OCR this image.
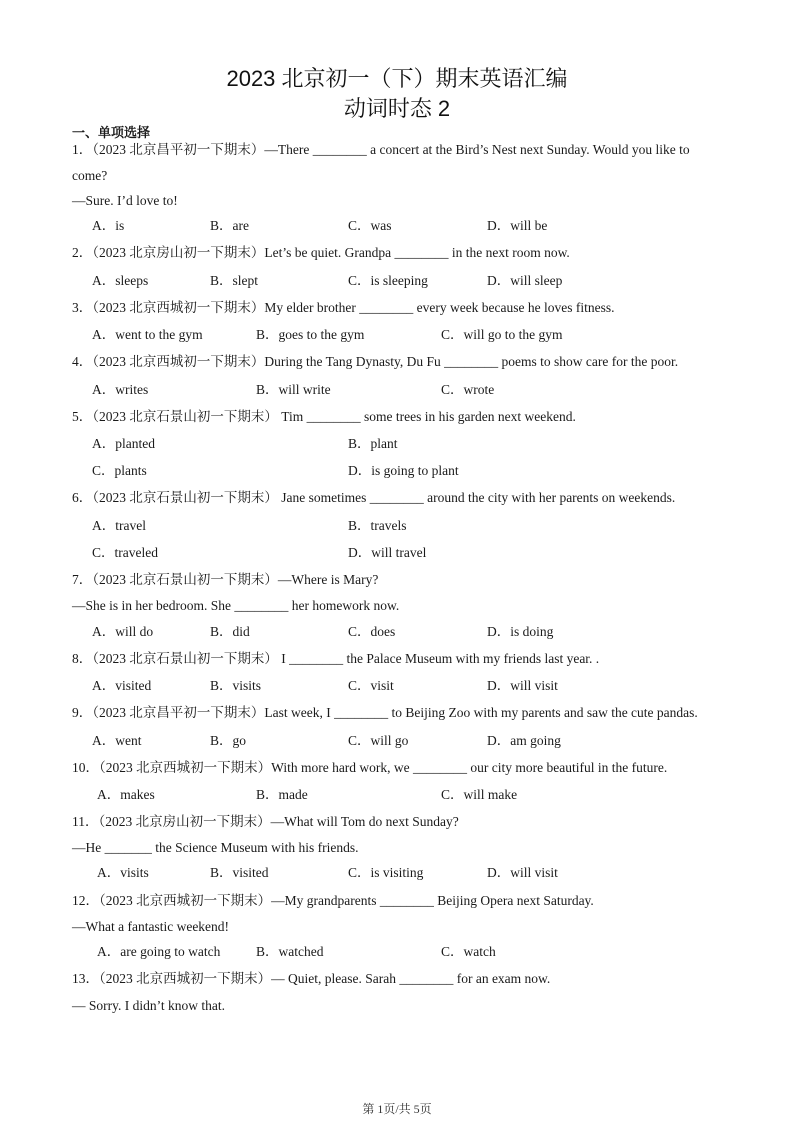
2023 北京初一（下）期末英语汇编
动词时态 2
一、单项选择
1．（2023 北京昌平初一下期末）—There ________ a concert at the Bird’s Nest next Sunday. Would you like to
come?
—Sure. I’d love to!
A．is	B．are	C．was	D．will be
2．（2023 北京房山初一下期末）Let’s be quiet. Grandpa ________ in the next room now.
A．sleeps	B．slept	C．is sleeping	D．will sleep
3．（2023 北京西城初一下期末）My elder brother ________ every week because he loves fitness.
A．went to the gym	B．goes to the gym	C．will go to the gym
4．（2023 北京西城初一下期末）During the Tang Dynasty, Du Fu ________ poems to show care for the poor.
A．writes	B．will write	C．wrote
5．（2023 北京石景山初一下期末） Tim ________ some trees in his garden next weekend.
A．planted	B．plant
C．plants	D．is going to plant
6．（2023 北京石景山初一下期末） Jane sometimes ________ around the city with her parents on weekends.
A．travel	B．travels
C．traveled	D．will travel
7．（2023 北京石景山初一下期末）—Where is Mary?
—She is in her bedroom. She ________ her homework now.
A．will do	B．did	C．does	D．is doing
8．（2023 北京石景山初一下期末） I ________ the Palace Museum with my friends last year. .
A．visited	B．visits	C．visit	D．will visit
9．（2023 北京昌平初一下期末）Last week, I ________ to Beijing Zoo with my parents and saw the cute pandas.
A．went	B．go	C．will go	D．am going
10．（2023 北京西城初一下期末）With more hard work, we ________ our city more beautiful in the future.
A．makes	B．made	C．will make
11．（2023 北京房山初一下期末）—What will Tom do next Sunday?
—He _______ the Science Museum with his friends.
A．visits	B．visited	C．is visiting	D．will visit
12．（2023 北京西城初一下期末）—My grandparents ________ Beijing Opera next Saturday.
—What a fantastic weekend!
A．are going to watch	B．watched	C．watch
13．（2023 北京西城初一下期末）— Quiet, please. Sarah ________ for an exam now.
— Sorry. I didn’t know that.
第 1页/共 5页
